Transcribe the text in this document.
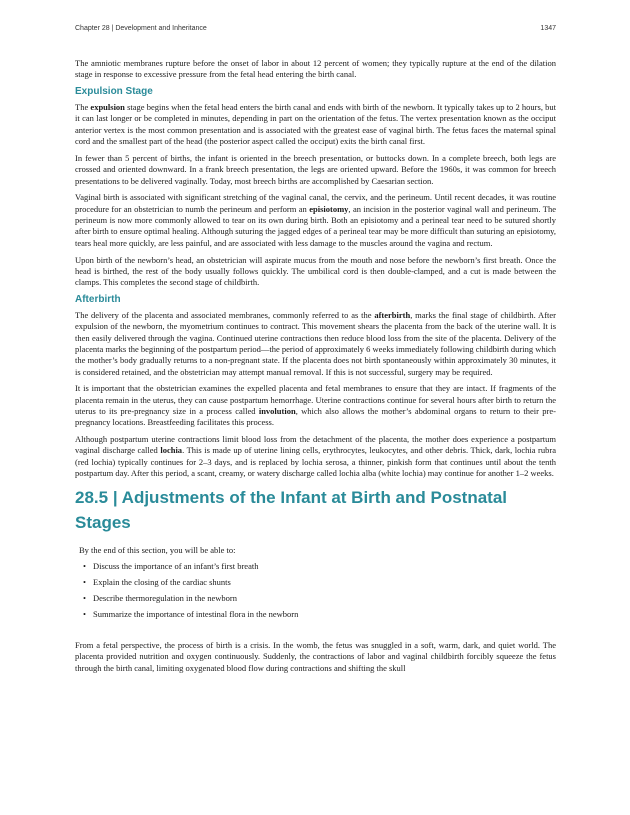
Chapter 28 | Development and Inheritance	1347

The amniotic membranes rupture before the onset of labor in about 12 percent of women; they typically rupture at the end of the dilation stage in response to excessive pressure from the fetal head entering the birth canal.

Expulsion Stage

The expulsion stage begins when the fetal head enters the birth canal and ends with birth of the newborn. It typically takes up to 2 hours, but it can last longer or be completed in minutes, depending in part on the orientation of the fetus. The vertex presentation known as the occiput anterior vertex is the most common presentation and is associated with the greatest ease of vaginal birth. The fetus faces the maternal spinal cord and the smallest part of the head (the posterior aspect called the occiput) exits the birth canal first.

In fewer than 5 percent of births, the infant is oriented in the breech presentation, or buttocks down. In a complete breech, both legs are crossed and oriented downward. In a frank breech presentation, the legs are oriented upward. Before the 1960s, it was common for breech presentations to be delivered vaginally. Today, most breech births are accomplished by Caesarian section.

Vaginal birth is associated with significant stretching of the vaginal canal, the cervix, and the perineum. Until recent decades, it was routine procedure for an obstetrician to numb the perineum and perform an episiotomy, an incision in the posterior vaginal wall and perineum. The perineum is now more commonly allowed to tear on its own during birth. Both an episiotomy and a perineal tear need to be sutured shortly after birth to ensure optimal healing. Although suturing the jagged edges of a perineal tear may be more difficult than suturing an episiotomy, tears heal more quickly, are less painful, and are associated with less damage to the muscles around the vagina and rectum.

Upon birth of the newborn’s head, an obstetrician will aspirate mucus from the mouth and nose before the newborn’s first breath. Once the head is birthed, the rest of the body usually follows quickly. The umbilical cord is then double-clamped, and a cut is made between the clamps. This completes the second stage of childbirth.

Afterbirth

The delivery of the placenta and associated membranes, commonly referred to as the afterbirth, marks the final stage of childbirth. After expulsion of the newborn, the myometrium continues to contract. This movement shears the placenta from the back of the uterine wall. It is then easily delivered through the vagina. Continued uterine contractions then reduce blood loss from the site of the placenta. Delivery of the placenta marks the beginning of the postpartum period—the period of approximately 6 weeks immediately following childbirth during which the mother’s body gradually returns to a non-pregnant state. If the placenta does not birth spontaneously within approximately 30 minutes, it is considered retained, and the obstetrician may attempt manual removal. If this is not successful, surgery may be required.

It is important that the obstetrician examines the expelled placenta and fetal membranes to ensure that they are intact. If fragments of the placenta remain in the uterus, they can cause postpartum hemorrhage. Uterine contractions continue for several hours after birth to return the uterus to its pre-pregnancy size in a process called involution, which also allows the mother’s abdominal organs to return to their pre-pregnancy locations. Breastfeeding facilitates this process.

Although postpartum uterine contractions limit blood loss from the detachment of the placenta, the mother does experience a postpartum vaginal discharge called lochia. This is made up of uterine lining cells, erythrocytes, leukocytes, and other debris. Thick, dark, lochia rubra (red lochia) typically continues for 2–3 days, and is replaced by lochia serosa, a thinner, pinkish form that continues until about the tenth postpartum day. After this period, a scant, creamy, or watery discharge called lochia alba (white lochia) may continue for another 1–2 weeks.

28.5 | Adjustments of the Infant at Birth and Postnatal Stages
By the end of this section, you will be able to:
• Discuss the importance of an infant’s first breath
• Explain the closing of the cardiac shunts
• Describe thermoregulation in the newborn
• Summarize the importance of intestinal flora in the newborn

From a fetal perspective, the process of birth is a crisis. In the womb, the fetus was snuggled in a soft, warm, dark, and quiet world. The placenta provided nutrition and oxygen continuously. Suddenly, the contractions of labor and vaginal childbirth forcibly squeeze the fetus through the birth canal, limiting oxygenated blood flow during contractions and shifting the skull
